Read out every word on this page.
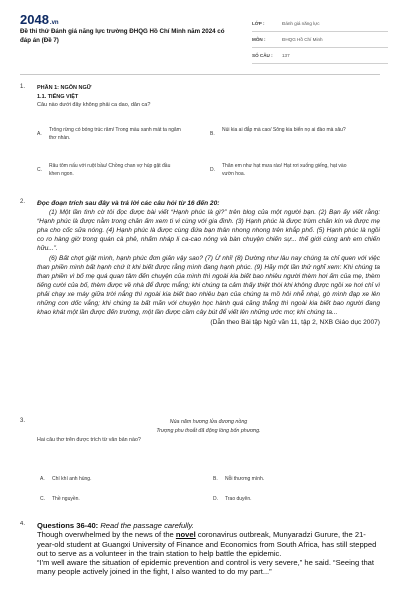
2048.vn
Đề thi thử Đánh giá năng lực trường ĐHQG Hồ Chí Minh năm 2024 có đáp án (Đề 7)
LỚP :	Đánh giá năng lực
MÔN :	ĐHQG Hồ Chí Minh
SỐ CÂU :	137
1. PHẦN 1: NGÔN NGỮ
1.1. TIẾNG VIỆT
Câu nào dưới đây không phải ca dao, dân ca?
A.
Trông rừng có bóng trúc râm/ Trong màu xanh mát ta ngâm thơ nhàn.
B.
Núi kia ai đắp mà cao/ Sông kia biển nọ ai đào mà sâu?
C.
Râu tôm nấu với ruột bầu/ Chồng chan vợ húp gật đầu khen ngon.
D.
Thân em như hạt mưa rào/ Hạt rơi xuống giếng, hạt vào vườn hoa.
2. Đọc đoạn trích sau đây và trả lời các câu hỏi từ 16 đến 20:
(1) Một lần tình cờ tôi đọc được bài viết “Hạnh phúc là gì?” trên blog của một người bạn. (2) Bạn ấy viết rằng: “Hạnh phúc là được nằm trong chăn ấm xem ti vi cùng với gia đình. (3) Hạnh phúc là được trùm chăn kín và được mẹ pha cho cốc sữa nóng. (4) Hạnh phúc là được cùng đứa bạn thân nhong nhong trên khắp phố. (5) Hạnh phúc là ngồi co ro hàng giờ trong quán cà phê, nhấm nháp li ca-cao nóng và bàn chuyện chiến sự... thế giới cùng anh em chiến hữu...”.
(6) Bất chợt giật mình, hạnh phúc đơn giản vậy sao? (7) Ừ nhỉ! (8) Dường như lâu nay chúng ta chỉ quen với việc than phiền mình bất hạnh chứ ít khi biết được rằng mình đang hạnh phúc. (9) Hãy một lần thử nghĩ xem: Khi chúng ta than phiền vì bố mẹ quá quan tâm đến chuyện của mình thì ngoài kia biết bao nhiêu người thèm hơi ấm của mẹ, thèm tiếng cười của bố, thèm được về nhà để được mắng; khi chúng ta cảm thấy thiệt thòi khi không được ngồi xe hơi chỉ vì phải chạy xe máy giữa trời nắng thì ngoài kia biết bao nhiêu bạn của chúng ta mồ hôi nhễ nhại, gò mình đạp xe lên những con dốc vắng; khi chúng ta bất mãn với chuyện học hành quá căng thẳng thì ngoài kia biết bao người đang khao khát một lần được đến trường, một lần được cầm cây bút để viết lên những ước mơ; khi chúng ta...
(Dẫn theo Bài tập Ngữ văn 11, tập 2, NXB Giáo dục 2007)
3.	Núa năm hương lửa đương nồng
Trượng phu thoắt đã động lòng bốn phương.
Hai câu thơ trên được trích từ văn bản nào?
A. Chí khí anh hùng.	B. Nỗi thương mình.
C. Thề nguyền.	D. Trao duyên.
4. Questions 36-40: Read the passage carefully.
Though overwhelmed by the news of the novel coronavirus outbreak, Munyaradzi Gurure, the 21-year-old student at Guangxi University of Finance and Economics from South Africa, has still stepped out to serve as a volunteer in the train station to help battle the epidemic.
“I'm well aware the situation of epidemic prevention and control is very severe,” he said. “Seeing that many people actively joined in the fight, I also wanted to do my part...”
